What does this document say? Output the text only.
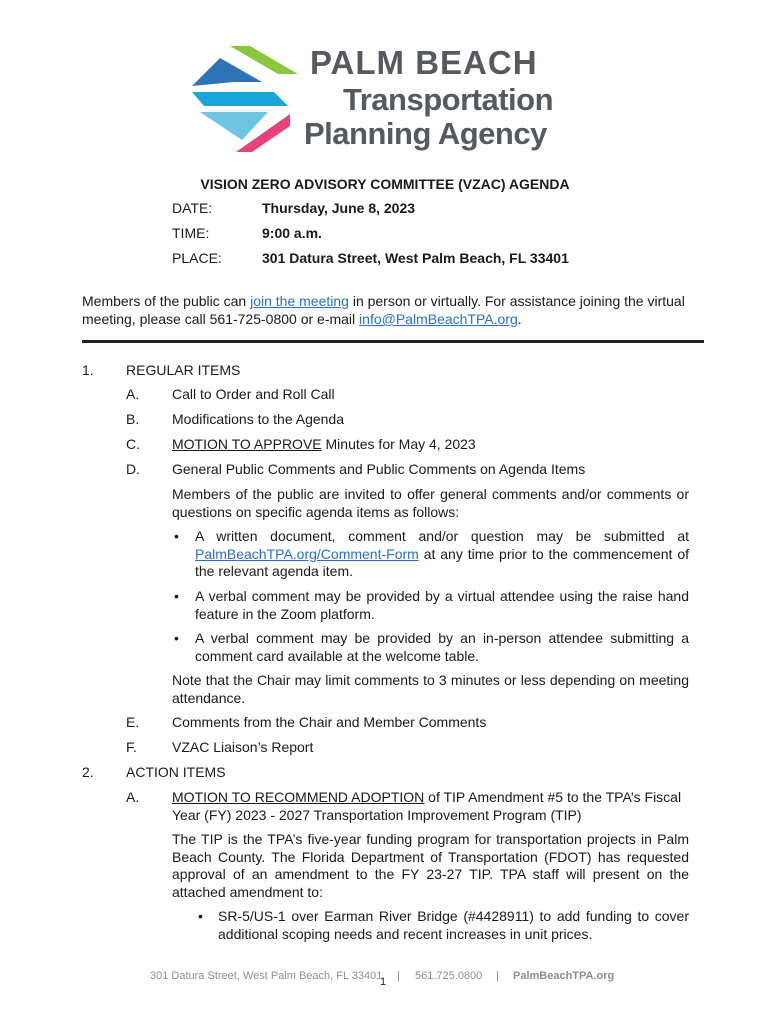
PALM BEACH
Transportation
Planning Agency
VISION ZERO ADVISORY COMMITTEE (VZAC) AGENDA
DATE:	Thursday, June 8, 2023
TIME:	9:00 a.m.
PLACE:	301 Datura Street, West Palm Beach, FL 33401
Members of the public can join the meeting in person or virtually. For assistance joining the virtual meeting, please call 561-725-0800 or e-mail info@PalmBeachTPA.org.
1. REGULAR ITEMS
A. Call to Order and Roll Call
B. Modifications to the Agenda
C. MOTION TO APPROVE Minutes for May 4, 2023
D. General Public Comments and Public Comments on Agenda Items
Members of the public are invited to offer general comments and/or comments or questions on specific agenda items as follows:
• A written document, comment and/or question may be submitted at PalmBeachTPA.org/Comment-Form at any time prior to the commencement of the relevant agenda item.
• A verbal comment may be provided by a virtual attendee using the raise hand feature in the Zoom platform.
• A verbal comment may be provided by an in-person attendee submitting a comment card available at the welcome table.
Note that the Chair may limit comments to 3 minutes or less depending on meeting attendance.
E. Comments from the Chair and Member Comments
F.	VZAC Liaison’s Report
2. ACTION ITEMS
A. MOTION TO RECOMMEND ADOPTION of TIP Amendment #5 to the TPA’s Fiscal Year (FY) 2023 - 2027 Transportation Improvement Program (TIP)
The TIP is the TPA’s five-year funding program for transportation projects in Palm Beach County. The Florida Department of Transportation (FDOT) has requested approval of an amendment to the FY 23-27 TIP. TPA staff will present on the attached amendment to:
• SR-5/US-1 over Earman River Bridge (#4428911) to add funding to cover additional scoping needs and recent increases in unit prices.
301 Datura Street, West Palm Beach, FL 33401
1 | 561.725.0800 | PalmBeachTPA.org
